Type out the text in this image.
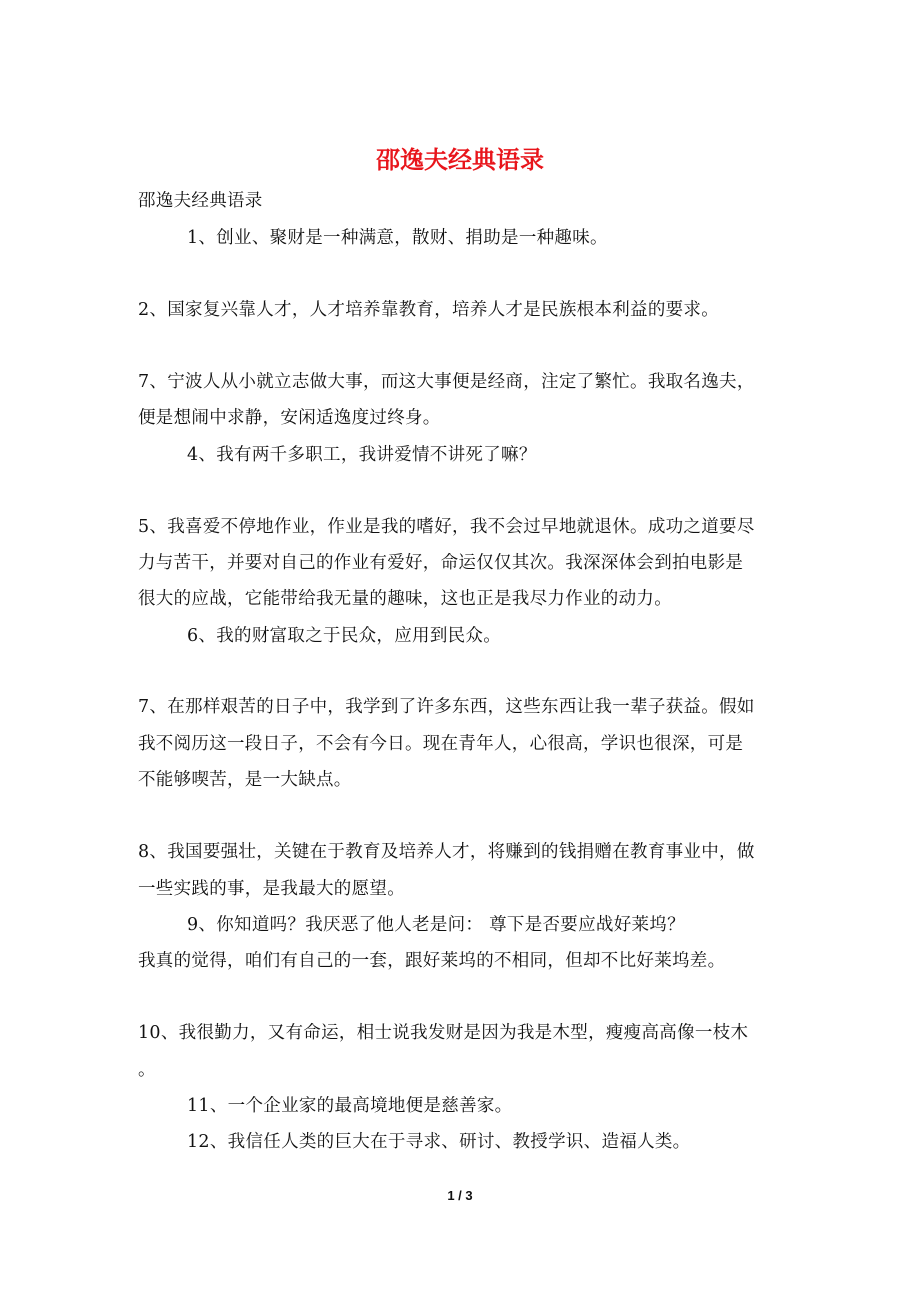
邵逸夫经典语录
邵逸夫经典语录
1、创业、聚财是一种满意，散财、捐助是一种趣味。
2、国家复兴靠人才，人才培养靠教育，培养人才是民族根本利益的要求。
7、宁波人从小就立志做大事，而这大事便是经商，注定了繁忙。我取名逸夫，
便是想闹中求静，安闲适逸度过终身。
4、我有两千多职工，我讲爱情不讲死了嘛？
5、我喜爱不停地作业，作业是我的嗜好，我不会过早地就退休。成功之道要尽
力与苦干，并要对自己的作业有爱好，命运仅仅其次。我深深体会到拍电影是
很大的应战，它能带给我无量的趣味，这也正是我尽力作业的动力。
6、我的财富取之于民众，应用到民众。
7、在那样艰苦的日子中，我学到了许多东西，这些东西让我一辈子获益。假如
我不阅历这一段日子，不会有今日。现在青年人，心很高，学识也很深，可是
不能够喫苦，是一大缺点。
8、我国要强壮，关键在于教育及培养人才，将赚到的钱捐赠在教育事业中，做
一些实践的事，是我最大的愿望。
9、你知道吗？我厌恶了他人老是问： 尊下是否要应战好莱坞？
我真的觉得，咱们有自己的一套，跟好莱坞的不相同，但却不比好莱坞差。
10、我很勤力，又有命运，相士说我发财是因为我是木型，瘦瘦高高像一枝木
。
11、一个企业家的最高境地便是慈善家。
12、我信任人类的巨大在于寻求、研讨、教授学识、造福人类。
1 / 3
